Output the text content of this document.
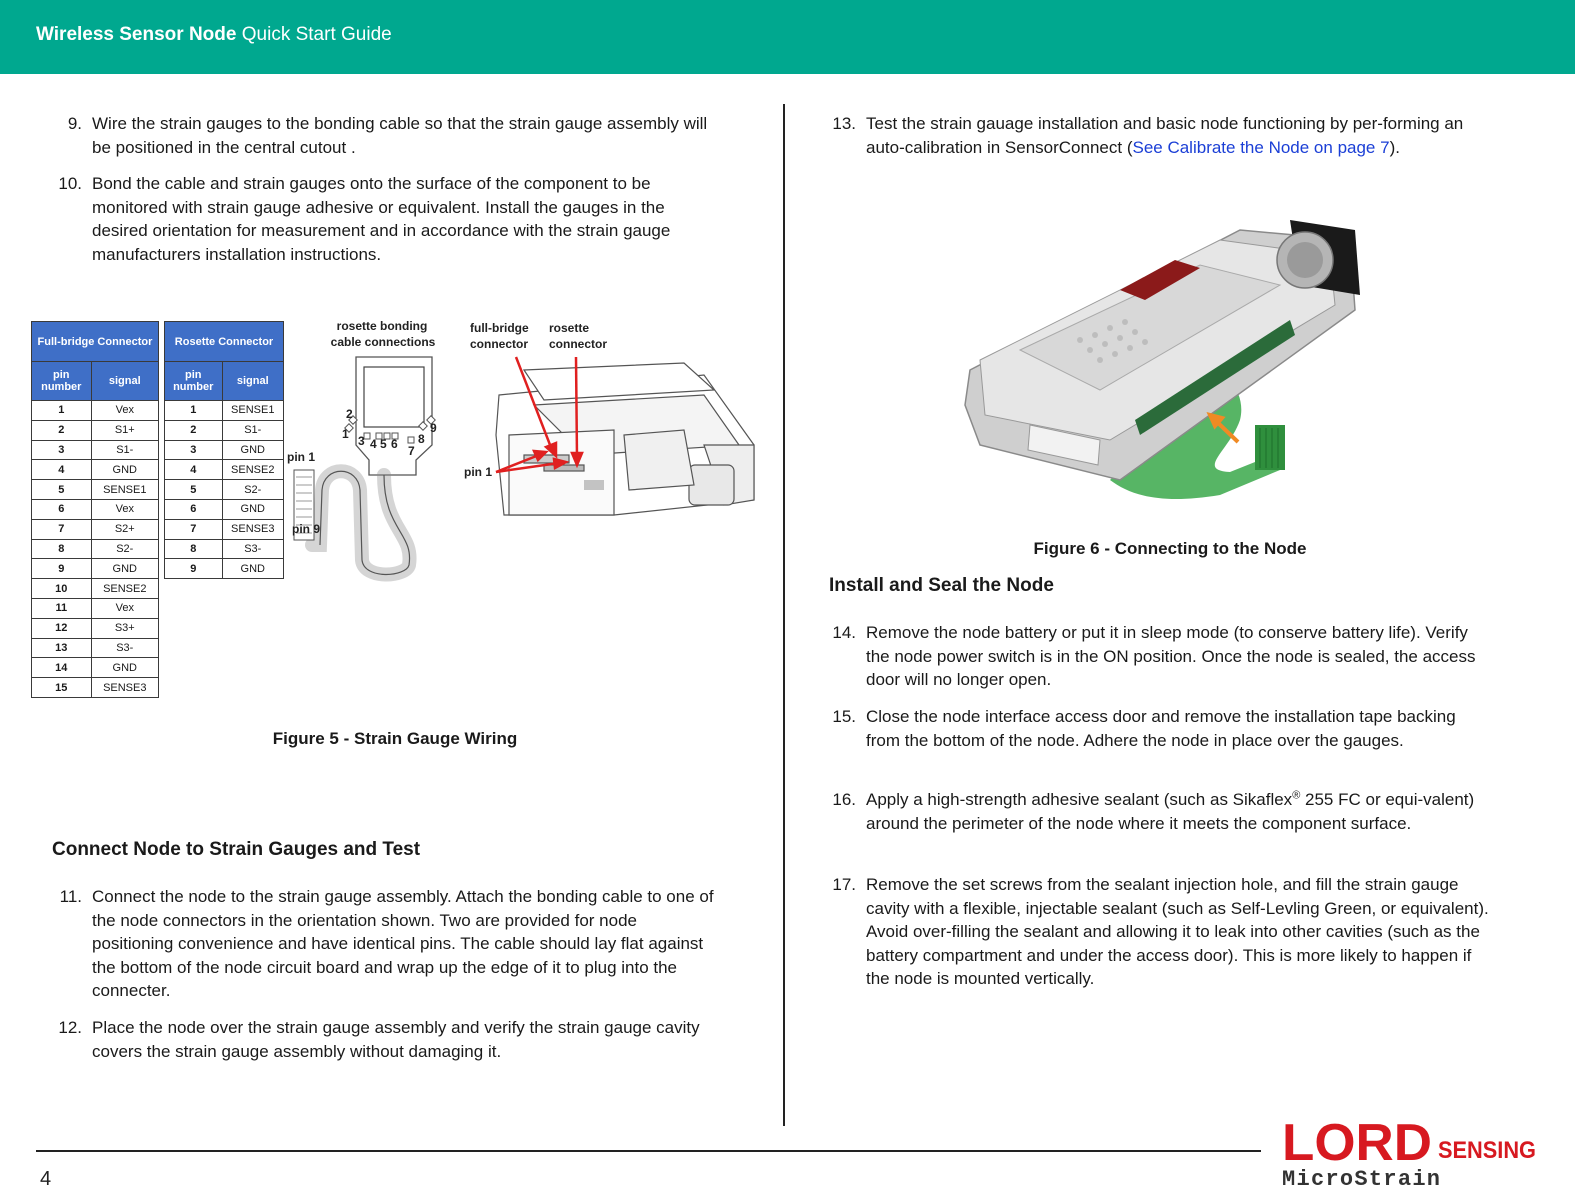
Wireless Sensor Node Quick Start Guide
9. Wire the strain gauges to the bonding cable so that the strain gauge assembly will be positioned in the central cutout .
10. Bond the cable and strain gauges onto the surface of the component to be monitored with strain gauge adhesive or equivalent. Install the gauges in the desired orientation for measurement and in accordance with the strain gauge manufacturers installation instructions.
Full-bridge Connector	
pin number	signal
1	Vex
2	S1+
3	S1-
4	GND
5	SENSE1
6	Vex
7	S2+
8	S2-
9	GND
10	SENSE2
11	Vex
12	S3+
13	S3-
14	GND
15	SENSE3
Rosette Connector	
pin number	signal
1	SENSE1
2	S1-
3	GND
4	SENSE2
5	S2-
6	GND
7	SENSE3
8	S3-
9	GND
rosette bonding
cable connections
full-bridge
connector
rosette
connector
pin 1
pin 9
pin 1
2
1 3 4 5 6 7
8
9
Figure 5 - Strain Gauge Wiring
Connect Node to Strain Gauges and Test
11. Connect the node to the strain gauge assembly. Attach the bonding cable to one of the node connectors in the orientation shown. Two are provided for node positioning convenience and have identical pins. The cable should lay flat against the bottom of the node circuit board and wrap up the edge of it to plug into the connecter.
12. Place the node over the strain gauge assembly and verify the strain gauge cavity covers the strain gauge assembly without damaging it.
13. Test the strain gauage installation and basic node functioning by per-forming an auto-calibration in SensorConnect (See Calibrate the Node on page 7).
Figure 6 - Connecting to the Node
Install and Seal the Node
14. Remove the node battery or put it in sleep mode (to conserve battery life). Verify the node power switch is in the ON position. Once the node is sealed, the access door will no longer open.
15. Close the node interface access door and remove the installation tape backing from the bottom of the node. Adhere the node in place over the gauges.
16. Apply a high-strength adhesive sealant (such as Sikaflex® 255 FC or equi-valent) around the perimeter of the node where it meets the component surface.
17. Remove the set screws from the sealant injection hole, and fill the strain gauge cavity with a flexible, injectable sealant (such as Self-Levling Green, or equivalent). Avoid over-filling the sealant and allowing it to leak into other cavities (such as the battery compartment and under the access door). This is more likely to happen if the node is mounted vertically.
4
LORD SENSING
MicroStrain
